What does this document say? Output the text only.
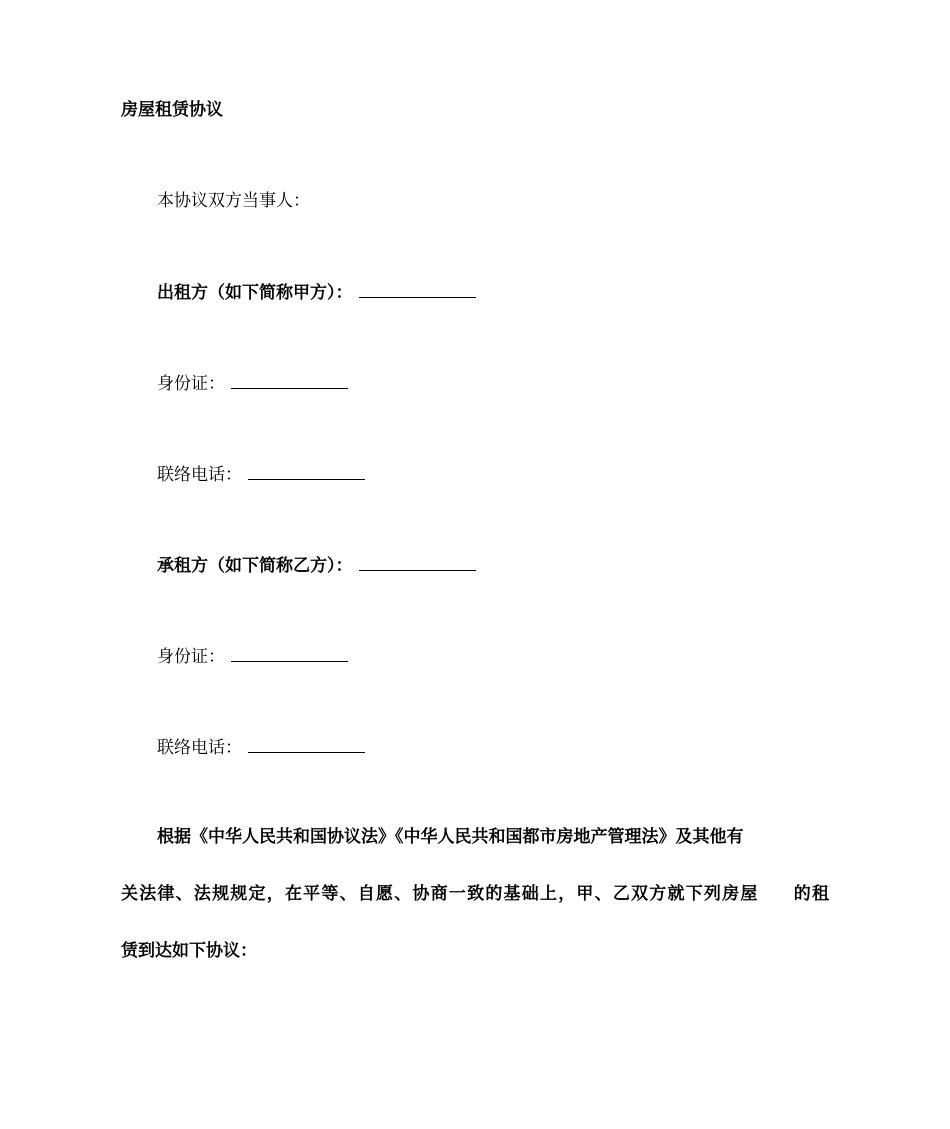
房屋租赁协议
本协议双方当事人：
出租方（如下简称甲方）：
身份证：
联络电话：
承租方（如下简称乙方）：
身份证：
联络电话：
根据《中华人民共和国协议法》《中华人民共和国都市房地产管理法》及其他有
关法律、法规规定，在平等、自愿、协商一致的基础上，甲、乙双方就下列房屋 的租
赁到达如下协议：
